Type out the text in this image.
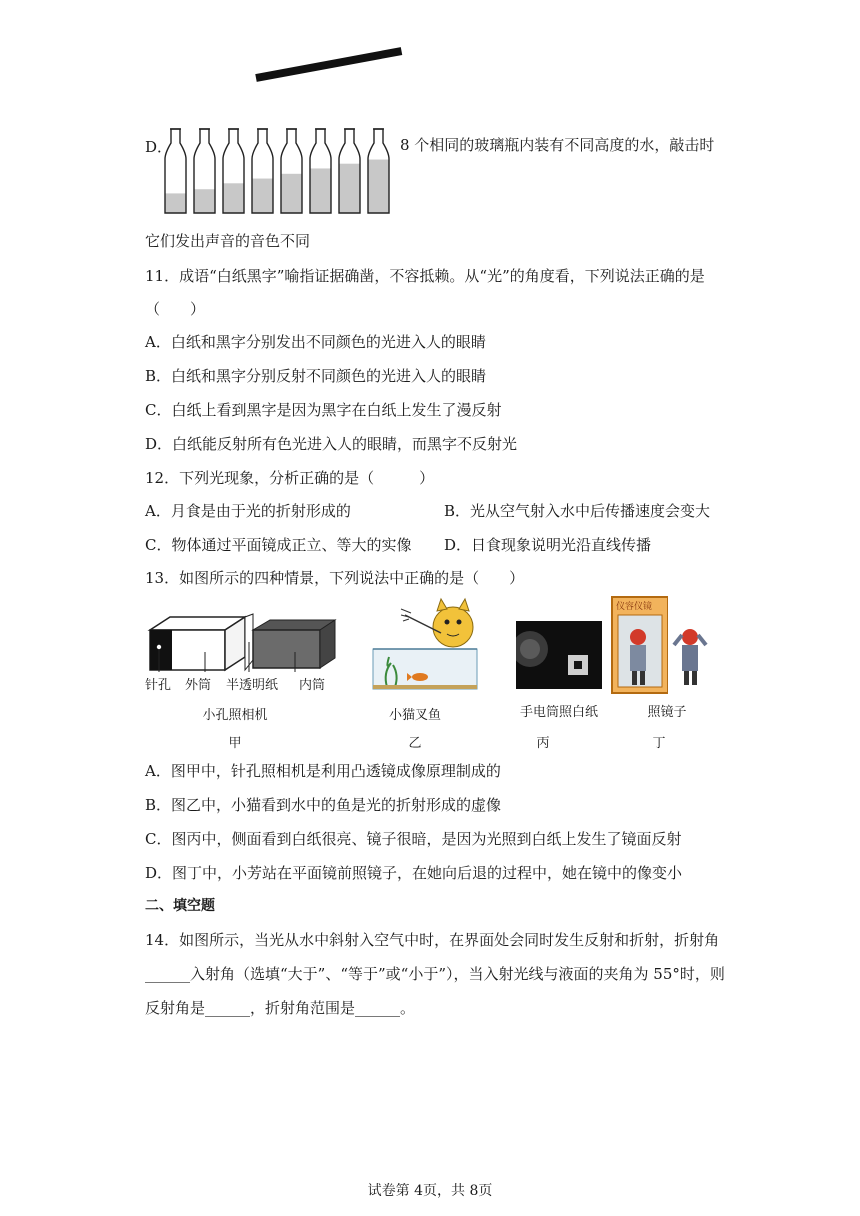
D．	8 个相同的玻璃瓶内装有不同高度的水，敲击时
它们发出声音的音色不同
11．成语“白纸黑字”喻指证据确凿，不容抵赖。从“光”的角度看，下列说法正确的是
（　　）
A．白纸和黑字分别发出不同颜色的光进入人的眼睛
B．白纸和黑字分别反射不同颜色的光进入人的眼睛
C．白纸上看到黑字是因为黑字在白纸上发生了漫反射
D．白纸能反射所有色光进入人的眼睛，而黑字不反射光
12．下列光现象，分析正确的是（　　　）
A．月食是由于光的折射形成的	B．光从空气射入水中后传播速度会变大
C．物体通过平面镜成正立、等大的实像 D．日食现象说明光沿直线传播
13．如图所示的四种情景，下列说法中正确的是（　　）
针孔 外筒 半透明纸 内筒
仪容仪镜
小孔照相机	小猫叉鱼	手电筒照白纸	照镜子
甲	乙	丙	丁
A．图甲中，针孔照相机是利用凸透镜成像原理制成的
B．图乙中，小猫看到水中的鱼是光的折射形成的虚像
C．图丙中，侧面看到白纸很亮、镜子很暗，是因为光照到白纸上发生了镜面反射
D．图丁中，小芳站在平面镜前照镜子，在她向后退的过程中，她在镜中的像变小
二、填空题
14．如图所示，当光从水中斜射入空气中时，在界面处会同时发生反射和折射，折射角
______入射角（选填“大于”、“等于”或“小于”），当入射光线与液面的夹角为 55°时，则
反射角是______，折射角范围是______。
试卷第 4页，共 8页
